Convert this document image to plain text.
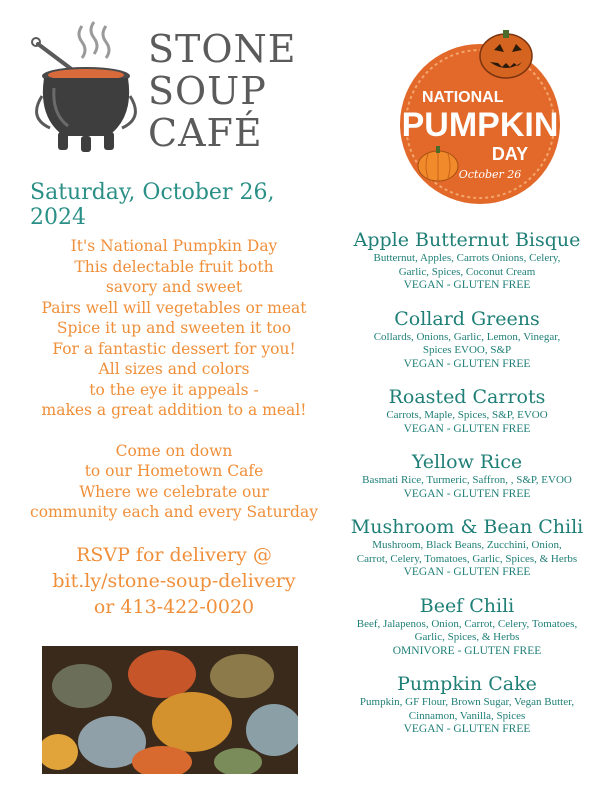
STONE
SOUP
CAFÉ
NATIONAL
PUMPKIN
DAY
October 26
Saturday, October 26, 2024
It's National Pumpkin Day
This delectable fruit both
savory and sweet
Pairs well will vegetables or meat
Spice it up and sweeten it too
For a fantastic dessert for you!
All sizes and colors
to the eye it appeals -
makes a great addition to a meal!
Come on down
to our Hometown Cafe
Where we celebrate our
community each and every Saturday
RSVP for delivery @
bit.ly/stone-soup-delivery
or 413-422-0020
Apple Butternut Bisque
Butternut, Apples, Carrots Onions, Celery,
Garlic, Spices, Coconut Cream
VEGAN - GLUTEN FREE
Collard Greens
Collards, Onions, Garlic, Lemon, Vinegar,
Spices EVOO, S&P
VEGAN - GLUTEN FREE
Roasted Carrots
Carrots, Maple, Spices, S&P, EVOO
VEGAN - GLUTEN FREE
Yellow Rice
Basmati Rice, Turmeric, Saffron, , S&P, EVOO
VEGAN - GLUTEN FREE
Mushroom & Bean Chili
Mushroom, Black Beans, Zucchini, Onion,
Carrot, Celery, Tomatoes, Garlic, Spices, & Herbs
VEGAN - GLUTEN FREE
Beef Chili
Beef, Jalapenos, Onion, Carrot, Celery, Tomatoes,
Garlic, Spices, & Herbs
OMNIVORE - GLUTEN FREE
Pumpkin Cake
Pumpkin, GF Flour, Brown Sugar, Vegan Butter,
Cinnamon, Vanilla, Spices
VEGAN - GLUTEN FREE
